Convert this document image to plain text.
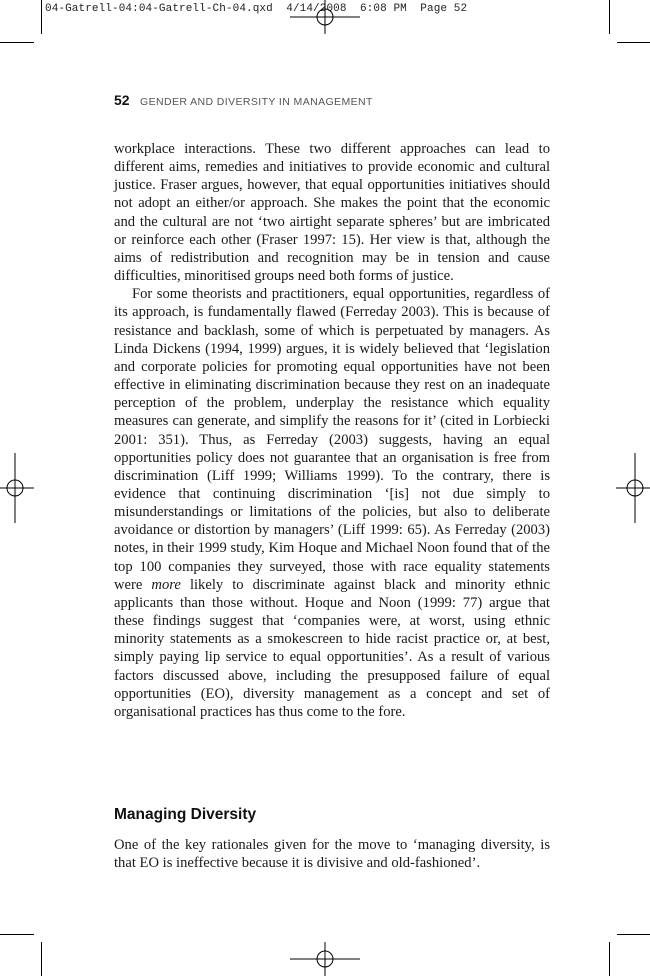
04-Gatrell-04:04-Gatrell-Ch-04.qxd 4/14/2008 6:08 PM Page 52
52 GENDER AND DIVERSITY IN MANAGEMENT

workplace interactions. These two different approaches can lead to different aims, remedies and initiatives to provide economic and cultural justice. Fraser argues, however, that equal opportunities initiatives should not adopt an either/or approach. She makes the point that the economic and the cultural are not ‘two airtight separate spheres’ but are imbricated or reinforce each other (Fraser 1997: 15). Her view is that, although the aims of redistribution and recognition may be in tension and cause difficulties, minoritised groups need both forms of justice.

For some theorists and practitioners, equal opportunities, regardless of its approach, is fundamentally flawed (Ferreday 2003). This is because of resistance and backlash, some of which is perpetuated by managers. As Linda Dickens (1994, 1999) argues, it is widely believed that ‘legislation and corporate policies for promoting equal opportunities have not been effective in eliminating discrimination because they rest on an inadequate perception of the problem, underplay the resistance which equality measures can generate, and simplify the reasons for it’ (cited in Lorbiecki 2001: 351). Thus, as Ferreday (2003) suggests, having an equal opportunities policy does not guarantee that an organisation is free from discrimination (Liff 1999; Williams 1999). To the contrary, there is evidence that continuing discrimination ‘[is] not due simply to misunderstandings or limitations of the policies, but also to deliberate avoidance or distortion by managers’ (Liff 1999: 65). As Ferreday (2003) notes, in their 1999 study, Kim Hoque and Michael Noon found that of the top 100 companies they surveyed, those with race equality statements were more likely to discriminate against black and minority ethnic applicants than those without. Hoque and Noon (1999: 77) argue that these findings suggest that ‘companies were, at worst, using ethnic minority statements as a smokescreen to hide racist practice or, at best, simply paying lip service to equal opportunities’. As a result of various factors discussed above, including the presupposed failure of equal opportunities (EO), diversity management as a concept and set of organisational practices has thus come to the fore.

Managing Diversity

One of the key rationales given for the move to ‘managing diversity, is that EO is ineffective because it is divisive and old-fashioned’.
